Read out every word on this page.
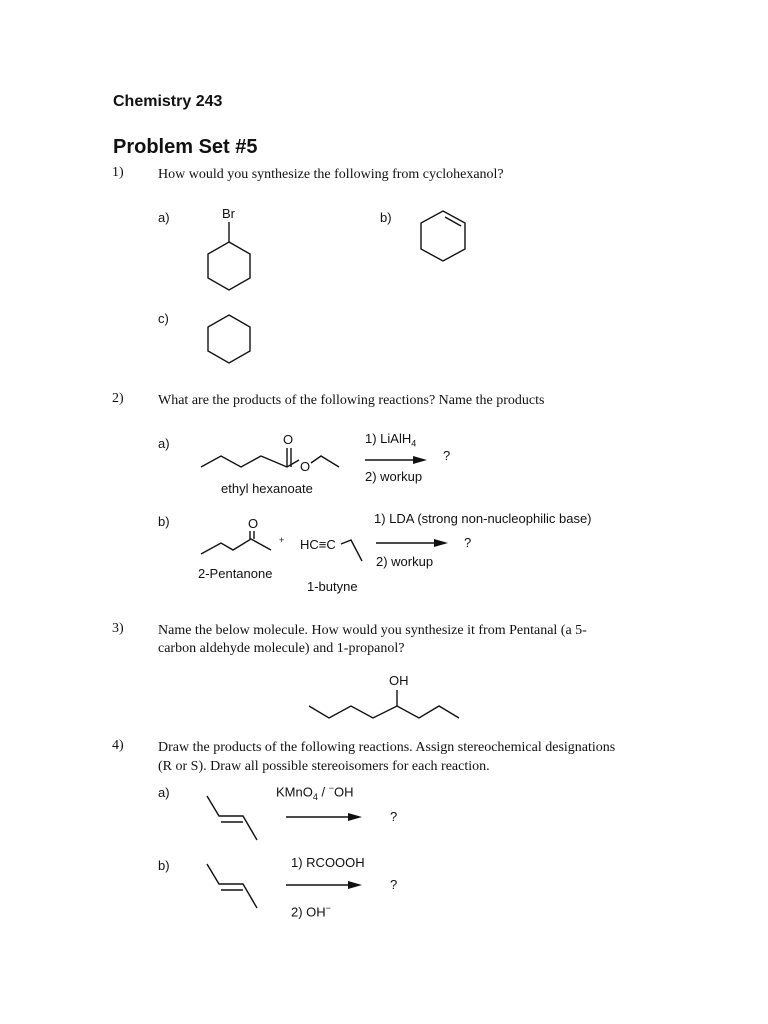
Chemistry 243
Problem Set #5
1) How would you synthesize the following from cyclohexanol?
a)	Br	b)
c)
2) What are the products of the following reactions? Name the products
a)	O
O
ethyl hexanoate
1) LiAlH$_4$
?
2) workup
b)	O
+ HC≡C
2-Pentanone
1-butyne
1) LDA (strong non-nucleophilic base)
?
2) workup
3) Name the below molecule. How would you synthesize it from Pentanal (a 5-
carbon aldehyde molecule) and 1-propanol?
OH
4) Draw the products of the following reactions. Assign stereochemical designations
(R or S). Draw all possible stereoisomers for each reaction.
a)	KMnO$_4$ / −OH
?
b)	1) RCOOOH
?
2) OH−
